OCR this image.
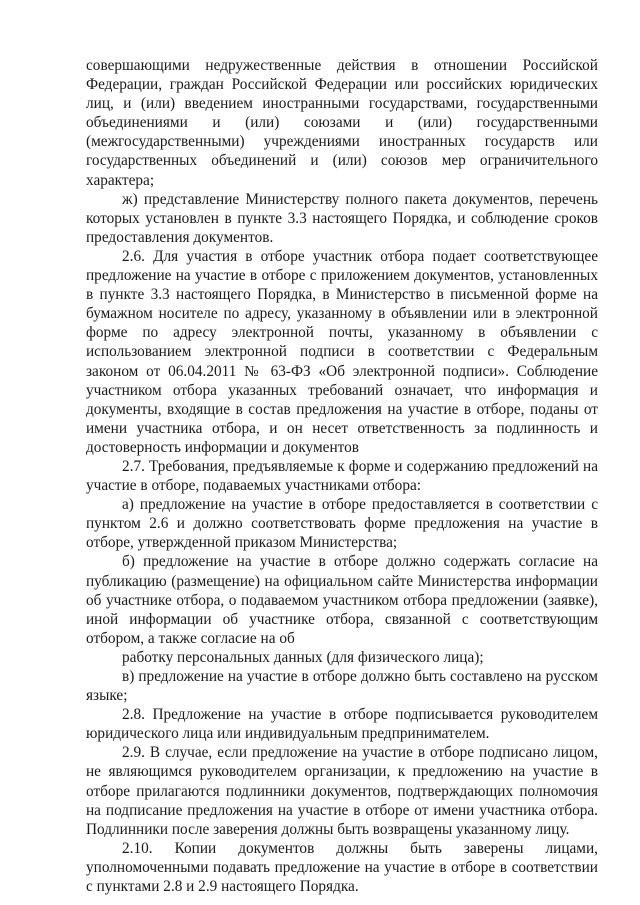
совершающими недружественные действия в отношении Российской Федерации, граждан Российской Федерации или российских юридических лиц, и (или) введением иностранными государствами, государственными объединениями и (или) союзами и (или) государственными (межгосударственными) учреждениями иностранных государств или государственных объединений и (или) союзов мер ограничительного характера;

ж) представление Министерству полного пакета документов, перечень которых установлен в пункте 3.3 настоящего Порядка, и соблюдение сроков предоставления документов.

2.6. Для участия в отборе участник отбора подает соответствующее предложение на участие в отборе с приложением документов, установленных в пункте 3.3 настоящего Порядка, в Министерство в письменной форме на бумажном носителе по адресу, указанному в объявлении или в электронной форме по адресу электронной почты, указанному в объявлении с использованием электронной подписи в соответствии с Федеральным законом от 06.04.2011 № 63-ФЗ «Об электронной подписи». Соблюдение участником отбора указанных требований означает, что информация и документы, входящие в состав предложения на участие в отборе, поданы от имени участника отбора, и он несет ответственность за подлинность и достоверность информации и документов

2.7. Требования, предъявляемые к форме и содержанию предложений на участие в отборе, подаваемых участниками отбора:

а) предложение на участие в отборе предоставляется в соответствии с пунктом 2.6 и должно соответствовать форме предложения на участие в отборе, утвержденной приказом Министерства;

б) предложение на участие в отборе должно содержать согласие на публикацию (размещение) на официальном сайте Министерства информации об участнике отбора, о подаваемом участником отбора предложении (заявке), иной информации об участнике отбора, связанной с соответствующим отбором, а также согласие на об

работку персональных данных (для физического лица);

в) предложение на участие в отборе должно быть составлено на русском языке;

2.8. Предложение на участие в отборе подписывается руководителем юридического лица или индивидуальным предпринимателем.

2.9. В случае, если предложение на участие в отборе подписано лицом, не являющимся руководителем организации, к предложению на участие в отборе прилагаются подлинники документов, подтверждающих полномочия на подписание предложения на участие в отборе от имени участника отбора. Подлинники после заверения должны быть возвращены указанному лицу.

2.10. Копии документов должны быть заверены лицами, уполномоченными подавать предложение на участие в отборе в соответствии с пунктами 2.8 и 2.9 настоящего Порядка.
